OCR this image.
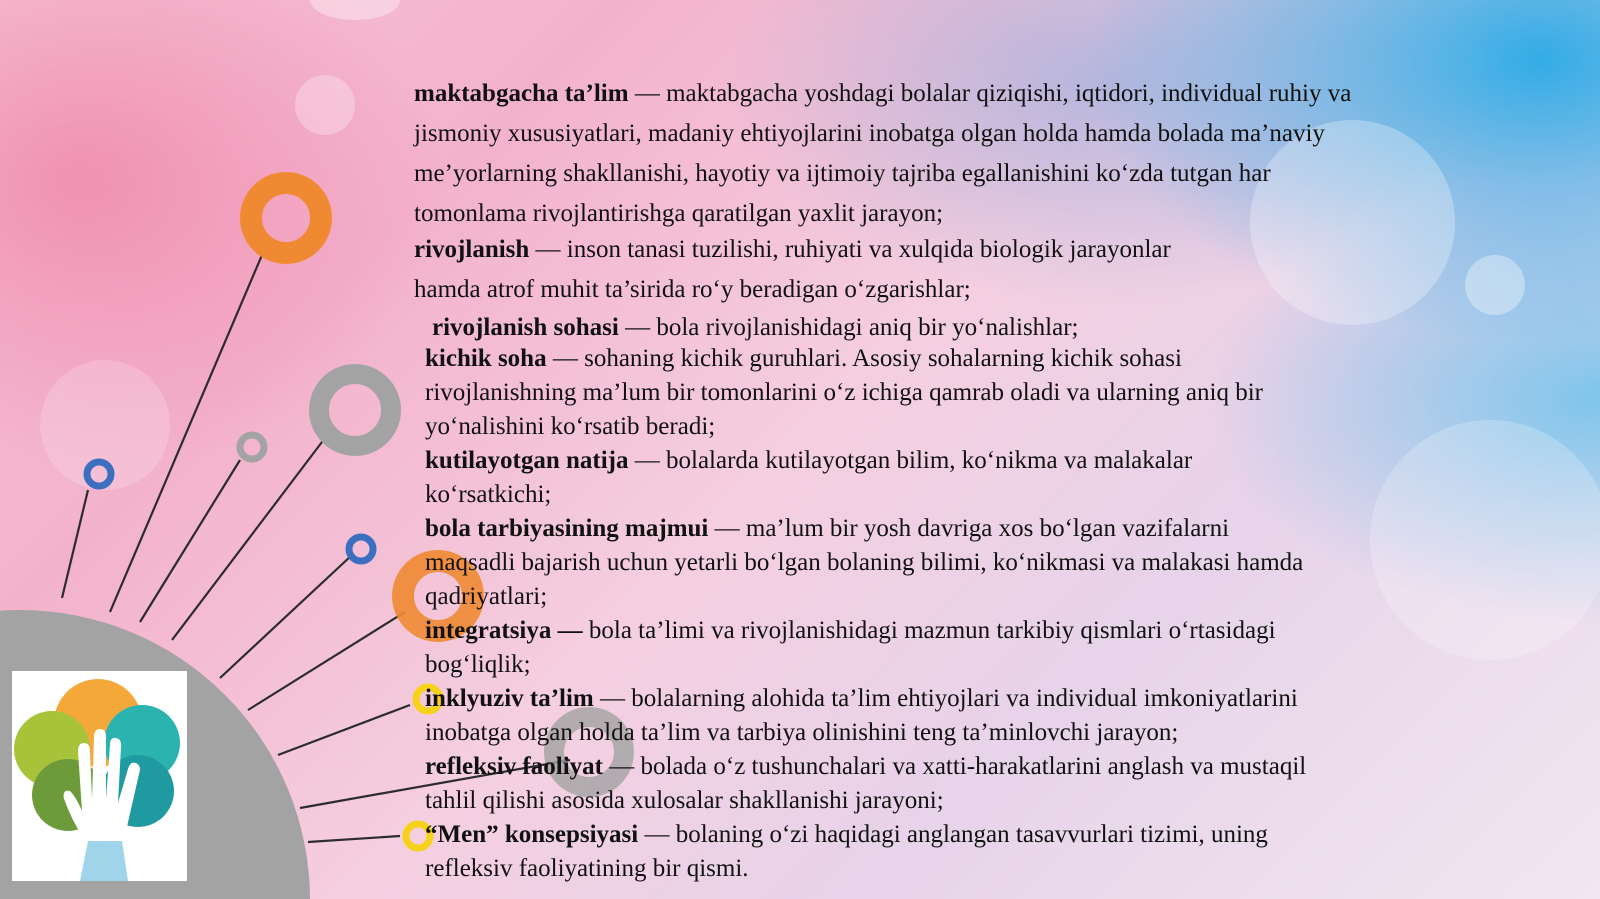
maktabgacha ta’lim — maktabgacha yoshdagi bolalar qiziqishi, iqtidori, individual ruhiy va

jismoniy xususiyatlari, madaniy ehtiyojlarini inobatga olgan holda hamda bolada ma’naviy

me’yorlarning shakllanishi, hayotiy va ijtimoiy tajriba egallanishini ko‘zda tutgan har

tomonlama rivojlantirishga qaratilgan yaxlit jarayon;

rivojlanish — inson tanasi tuzilishi, ruhiyati va xulqida biologik jarayonlar

hamda atrof muhit ta’sirida ro‘y beradigan o‘zgarishlar;

rivojlanish sohasi — bola rivojlanishidagi aniq bir yo‘nalishlar;

kichik soha — sohaning kichik guruhlari. Asosiy sohalarning kichik sohasi

rivojlanishning ma’lum bir tomonlarini o‘z ichiga qamrab oladi va ularning aniq bir

yo‘nalishini ko‘rsatib beradi;

kutilayotgan natija — bolalarda kutilayotgan bilim, ko‘nikma va malakalar

ko‘rsatkichi;

bola tarbiyasining majmui — ma’lum bir yosh davriga xos bo‘lgan vazifalarni

maqsadli bajarish uchun yetarli bo‘lgan bolaning bilimi, ko‘nikmasi va malakasi hamda

qadriyatlari;

integratsiya — bola ta’limi va rivojlanishidagi mazmun tarkibiy qismlari o‘rtasidagi

bog‘liqlik;

inklyuziv ta’lim — bolalarning alohida ta’lim ehtiyojlari va individual imkoniyatlarini

inobatga olgan holda ta’lim va tarbiya olinishini teng ta’minlovchi jarayon;

refleksiv faoliyat — bolada o‘z tushunchalari va xatti-harakatlarini anglash va mustaqil

tahlil qilishi asosida xulosalar shakllanishi jarayoni;

“Men” konsepsiyasi — bolaning o‘zi haqidagi anglangan tasavvurlari tizimi, uning

refleksiv faoliyatining bir qismi.
